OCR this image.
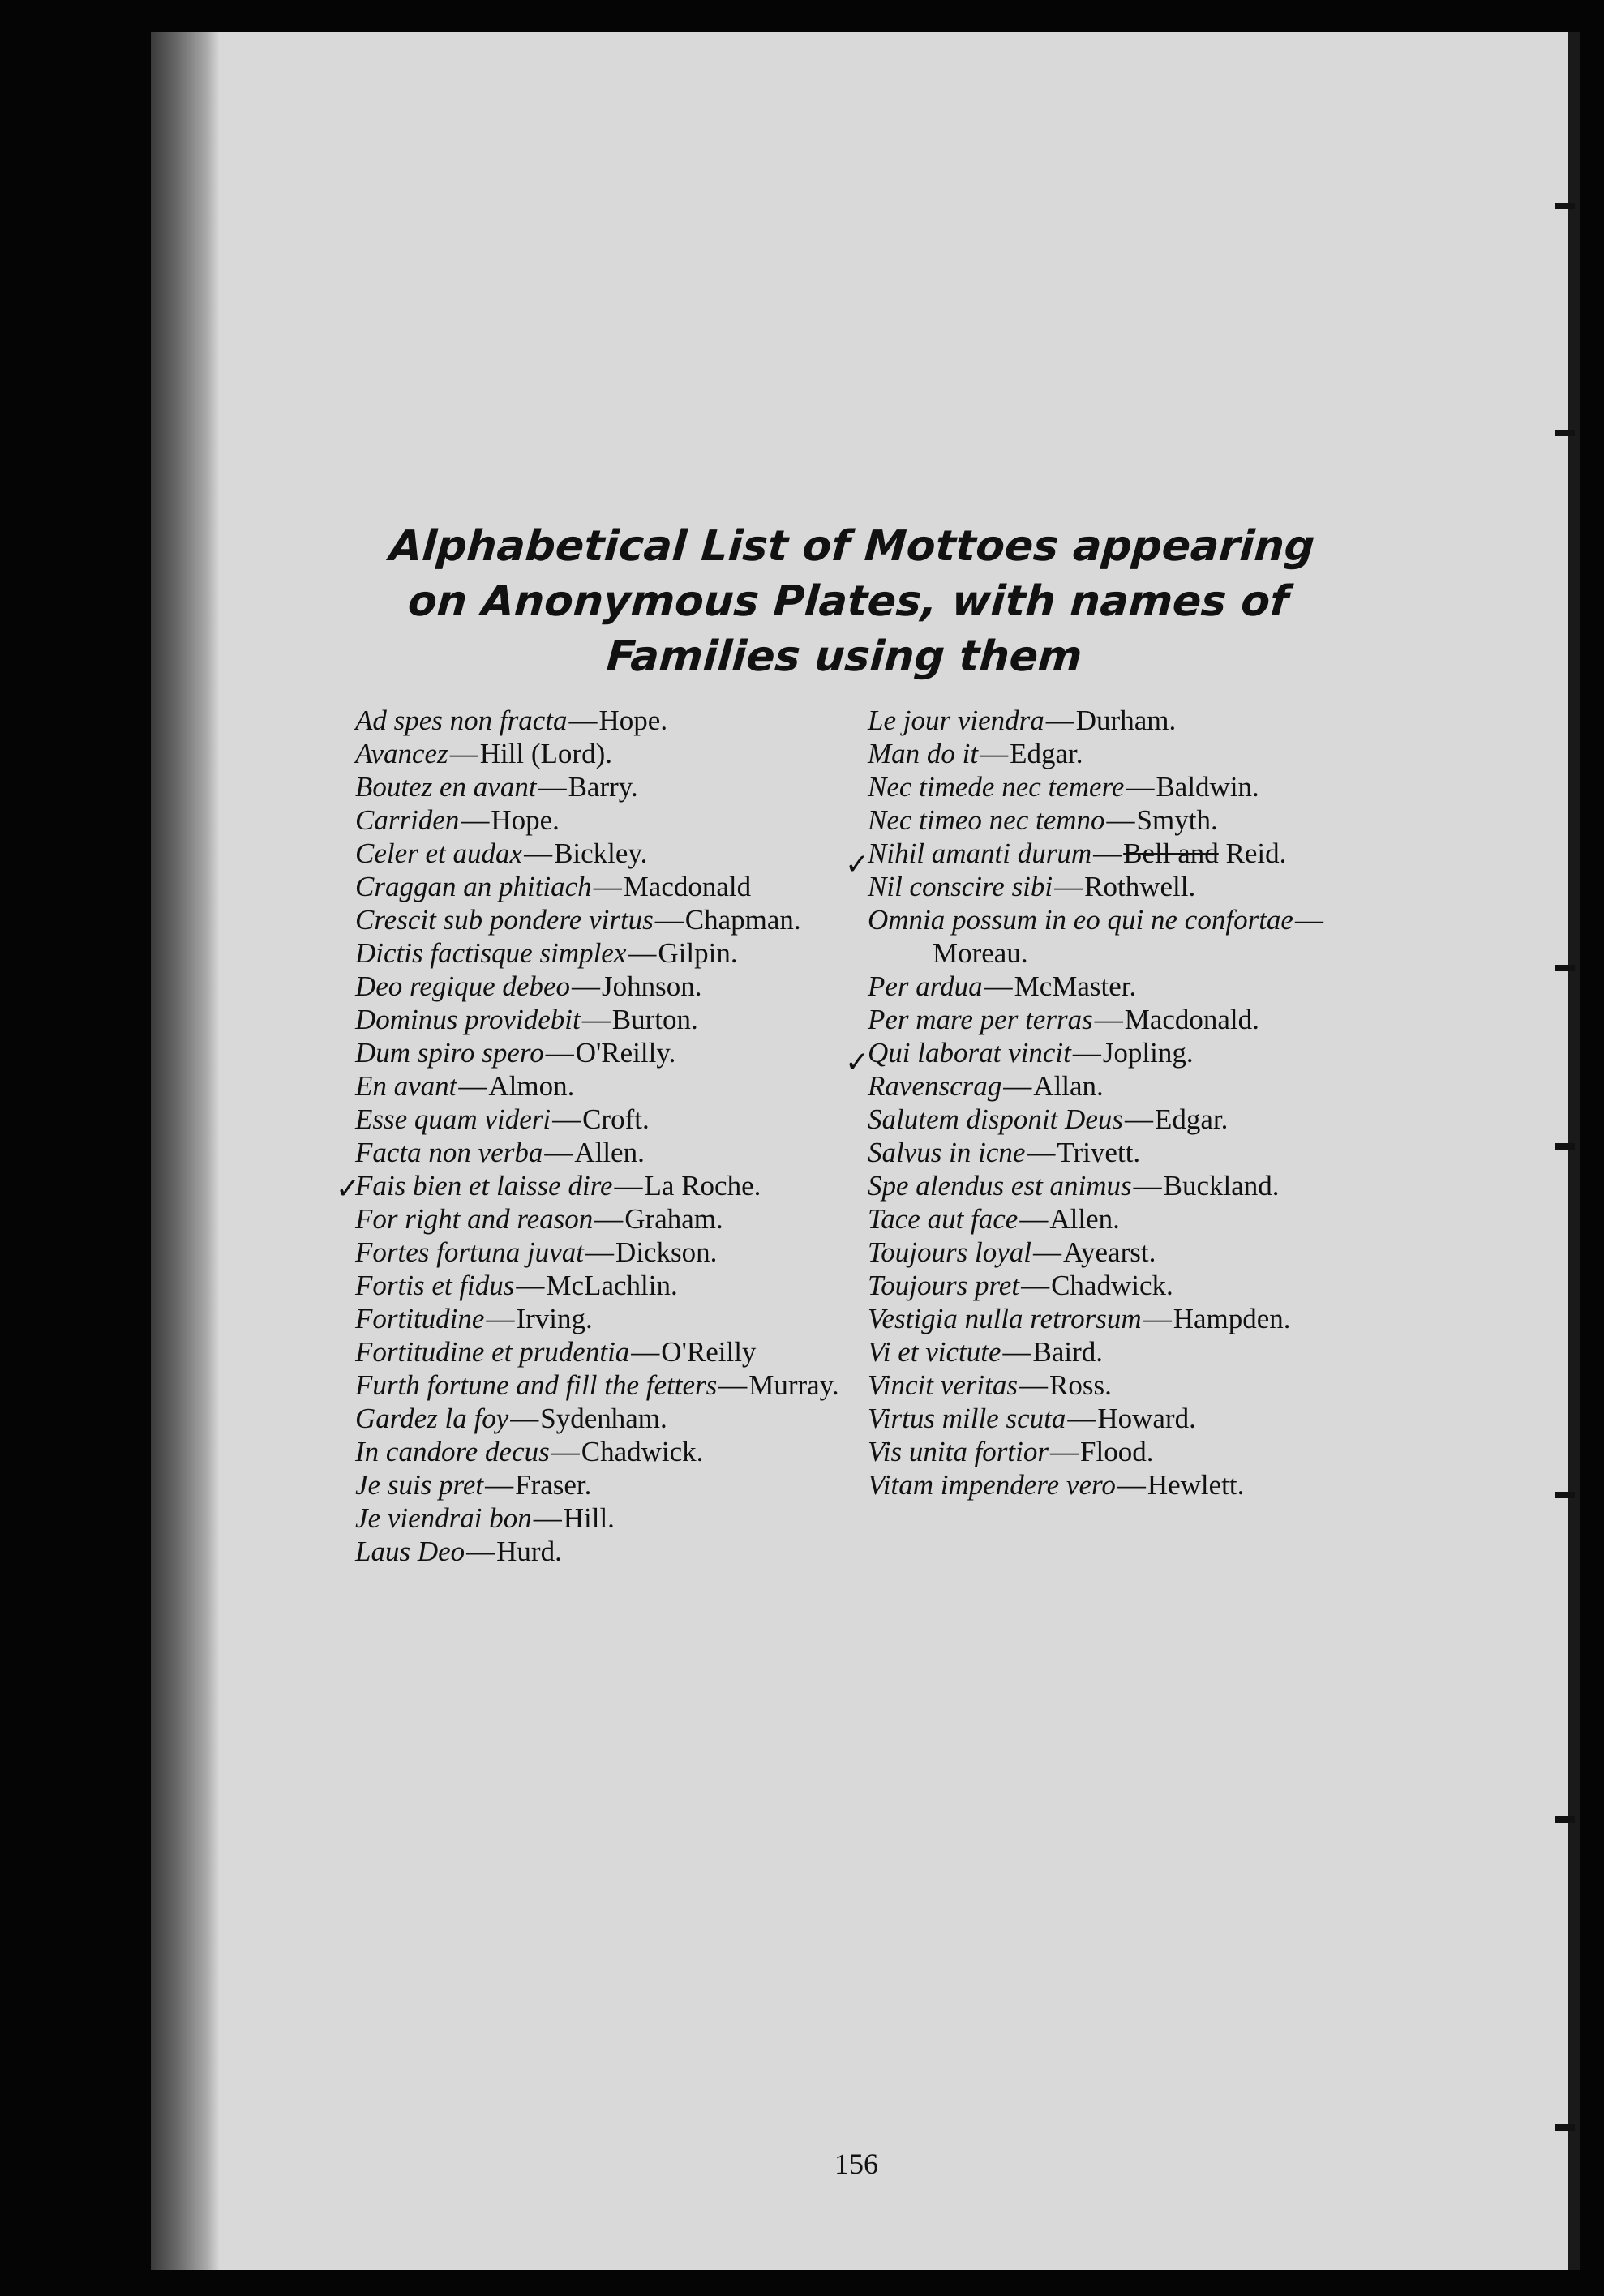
Alphabetical List of Mottoes appearing on Anonymous Plates, with names of Families using them

Ad spes non fracta—Hope.

Avancez—Hill (Lord).

Boutez en avant—Barry.

Carriden—Hope.

Celer et audax—Bickley.

Craggan an phitiach—Macdonald

Crescit sub pondere virtus—Chapman.

Dictis factisque simplex—Gilpin.

Deo regique debeo—Johnson.

Dominus providebit—Burton.

Dum spiro spero—O'Reilly.

En avant—Almon.

Esse quam videri—Croft.

Facta non verba—Allen.

Fais bien et laisse dire—La Roche.

For right and reason—Graham.

Fortes fortuna juvat—Dickson.

Fortis et fidus—McLachlin.

Fortitudine—Irving.

Fortitudine et prudentia—O'Reilly

Furth fortune and fill the fetters—Murray.

Gardez la foy—Sydenham.

In candore decus—Chadwick.

Je suis pret—Fraser.

Je viendrai bon—Hill.

Laus Deo—Hurd.

Le jour viendra—Durham.

Man do it—Edgar.

Nec timede nec temere—Baldwin.

Nec timeo nec temno—Smyth.

Nihil amanti durum—Bell and Reid.

Nil conscire sibi—Rothwell.

Omnia possum in eo qui ne confortae—Moreau.

Per ardua—McMaster.

Per mare per terras—Macdonald.

Qui laborat vincit—Jopling.

Ravenscrag—Allan.

Salutem disponit Deus—Edgar.

Salvus in icne—Trivett.

Spe alendus est animus—Buckland.

Tace aut face—Allen.

Toujours loyal—Ayearst.

Toujours pret—Chadwick.

Vestigia nulla retrorsum—Hampden.

Vi et victute—Baird.

Vincit veritas—Ross.

Virtus mille scuta—Howard.

Vis unita fortior—Flood.

Vitam impendere vero—Hewlett.

✓
✓
✓
156
